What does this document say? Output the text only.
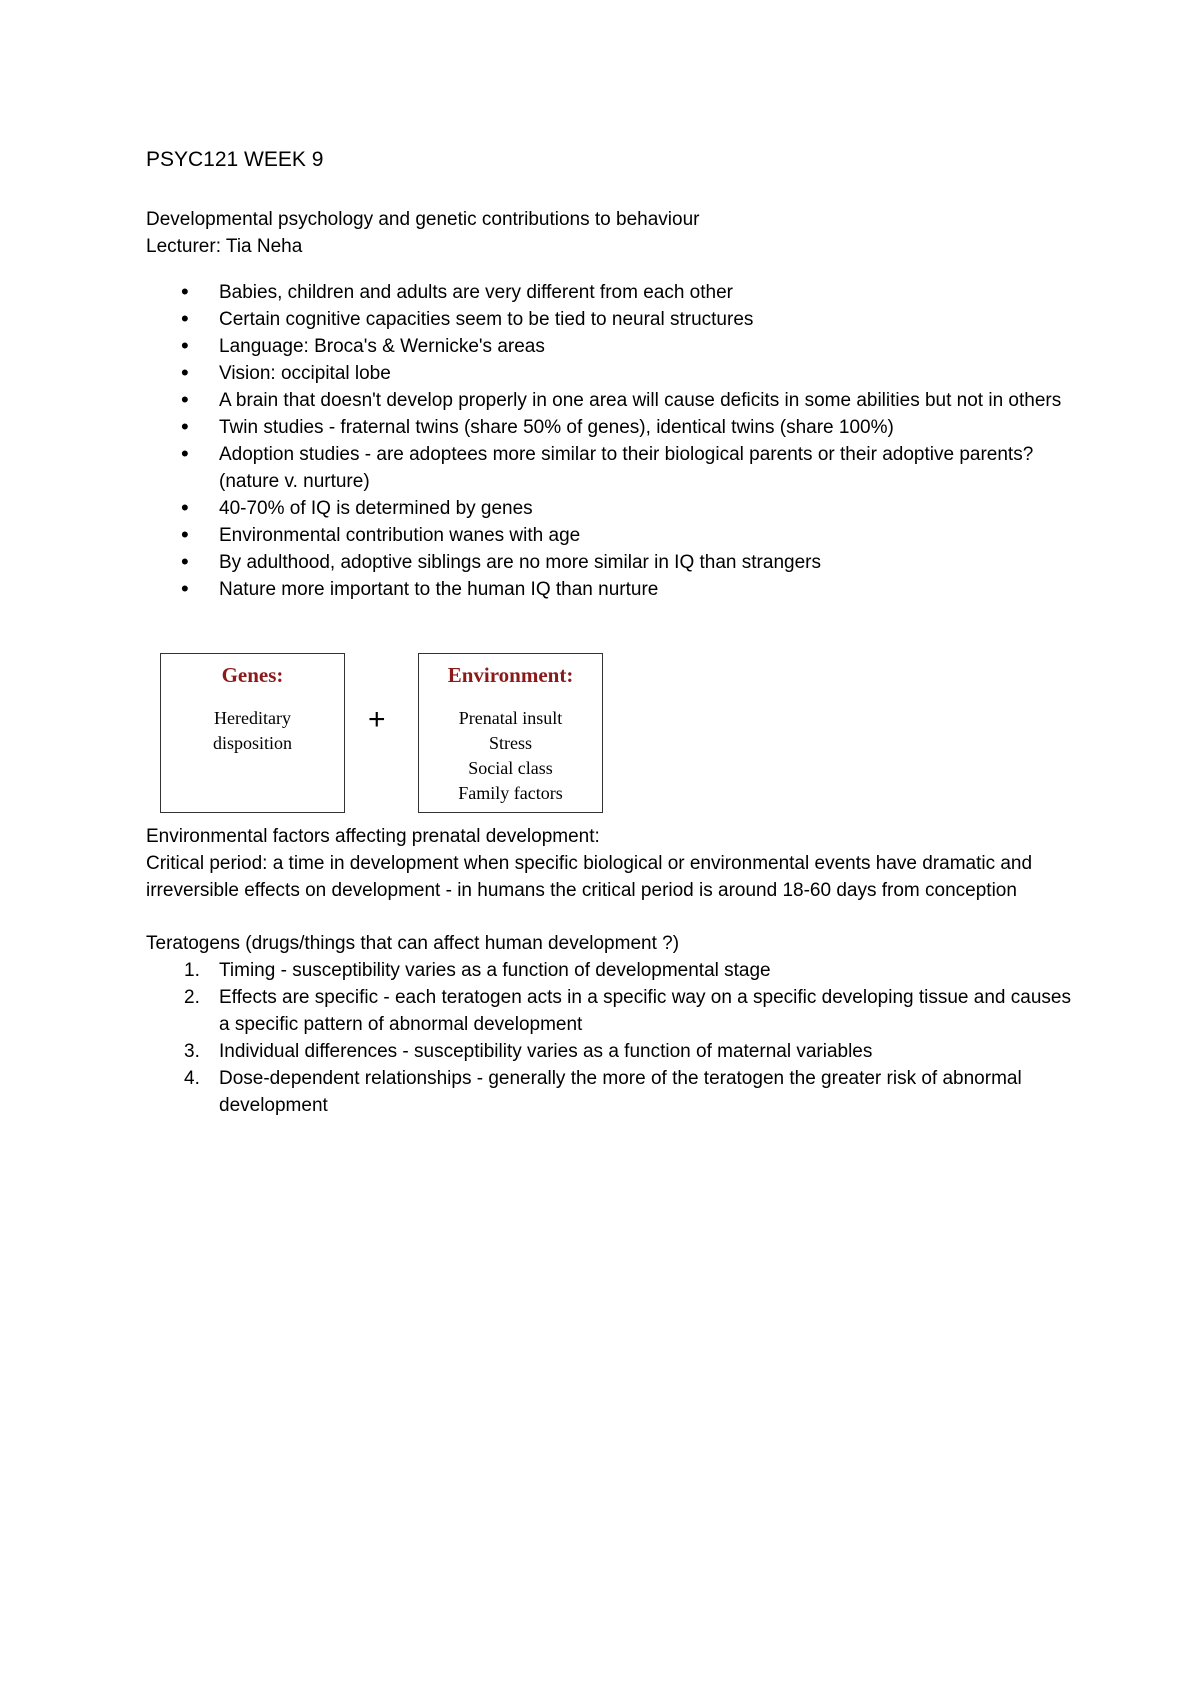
PSYC121 WEEK 9

Developmental psychology and genetic contributions to behaviour

Lecturer: Tia Neha

• Babies, children and adults are very different from each other
• Certain cognitive capacities seem to be tied to neural structures
• Language: Broca's & Wernicke's areas
• Vision: occipital lobe
• A brain that doesn't develop properly in one area will cause deficits in some abilities but not in others
• Twin studies - fraternal twins (share 50% of genes), identical twins (share 100%)
• Adoption studies - are adoptees more similar to their biological parents or their adoptive parents? (nature v. nurture)
• 40-70% of IQ is determined by genes
• Environmental contribution wanes with age
• By adulthood, adoptive siblings are no more similar in IQ than strangers
• Nature more important to the human IQ than nurture
Genes:
Hereditary
disposition
+
Environment:
Prenatal insult
Stress
Social class
Family factors

Environmental factors affecting prenatal development:

Critical period: a time in development when specific biological or environmental events have dramatic and irreversible effects on development - in humans the critical period is around 18-60 days from conception

Teratogens (drugs/things that can affect human development ?)

1. Timing - susceptibility varies as a function of developmental stage
2. Effects are specific - each teratogen acts in a specific way on a specific developing tissue and causes a specific pattern of abnormal development
3. Individual differences - susceptibility varies as a function of maternal variables
4. Dose-dependent relationships - generally the more of the teratogen the greater risk of abnormal development
